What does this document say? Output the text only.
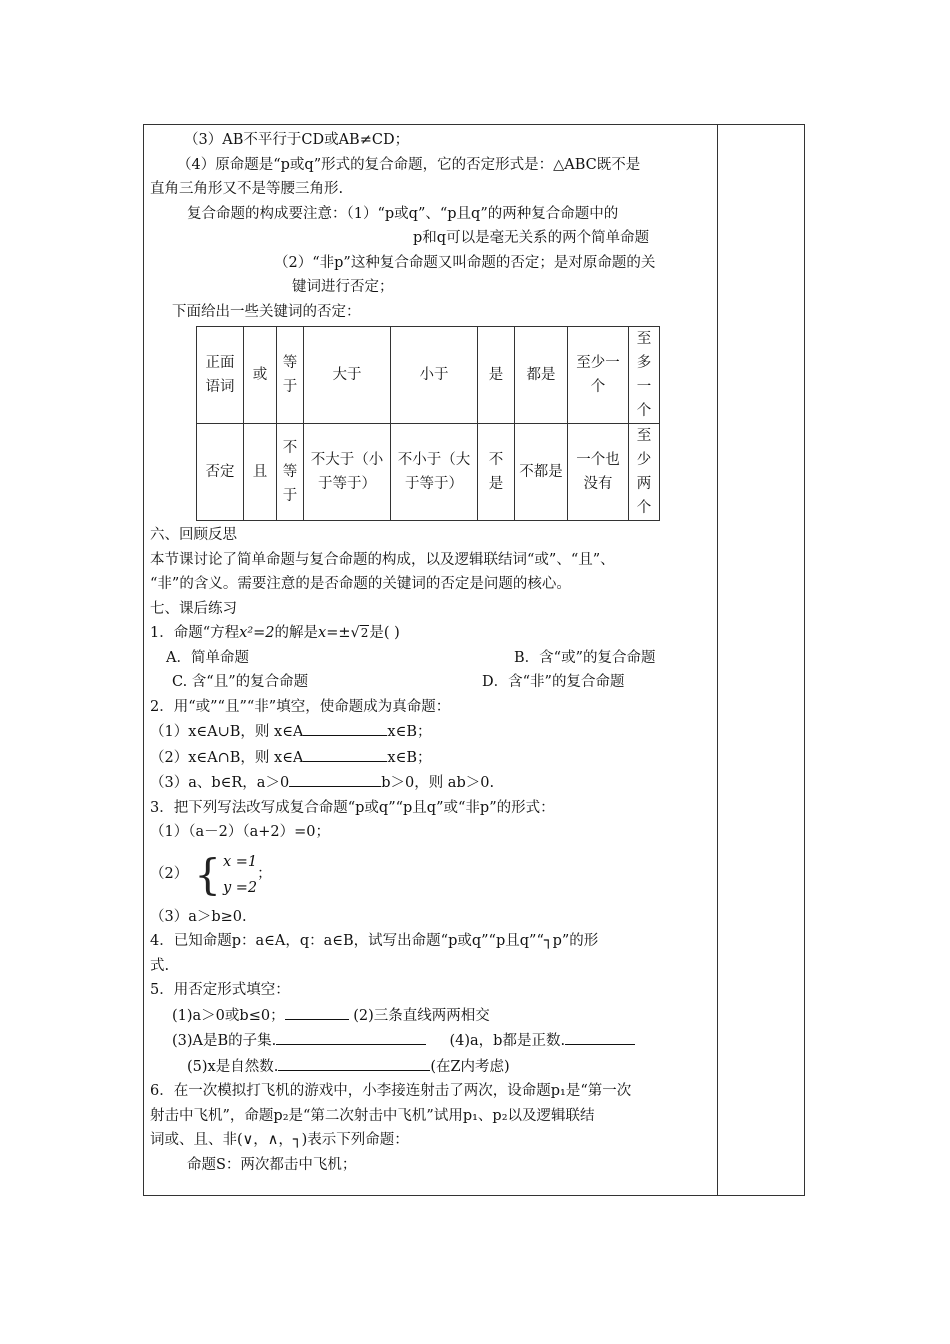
（3）AB不平行于CD或AB≠CD；
（4）原命题是“p或q”形式的复合命题，它的否定形式是：△ABC既不是
直角三角形又不是等腰三角形.
复合命题的构成要注意：（1）“p或q”、“p且q”的两种复合命题中的
p和q可以是毫无关系的两个简单命题
（2）“非p”这种复合命题又叫命题的否定；是对原命题的关
键词进行否定；
下面给出一些关键词的否定：
正面语词	或	等于	大于	小于	是	都是	至少一个	至多一个
否定	且	不等于	不大于（小于等于）	不小于（大于等于）	不是	不都是	一个也没有	至少两个
六、回顾反思
本节课讨论了简单命题与复合命题的构成，以及逻辑联结词“或”、“且”、
“非”的含义。需要注意的是否命题的关键词的否定是问题的核心。
七、课后练习
1．命题“方程x²=2的解是x=±√2是( )
A．简单命题	B．含“或”的复合命题
C. 含“且”的复合命题	D．含“非”的复合命题
2．用“或”“且”“非”填空，使命题成为真命题：
（1）x∈A∪B，则 x∈A	x∈B；
（2）x∈A∩B，则 x∈A	x∈B；
（3）a、b∈R，a＞0	b＞0，则 ab＞0.
3．把下列写法改写成复合命题“p或q”“p且q”或“非p”的形式：
（1）（a－2）（a+2）=0；
（2） { x =1
y =2
；
（3）a＞b≥0.
4．已知命题p：a∈A，q：a∈B，试写出命题“p或q”“p且q”“┐p”的形
式.
5．用否定形式填空：
(1)a＞0或b≤0；	(2)三条直线两两相交
(3)A是B的子集.	(4)a，b都是正数.
(5)x是自然数.	(在Z内考虑)
6．在一次模拟打飞机的游戏中，小李接连射击了两次，设命题p₁是“第一次
射击中飞机”，命题p₂是“第二次射击中飞机”试用p₁、p₂以及逻辑联结
词或、且、非(∨，∧，┐)表示下列命题：
命题S：两次都击中飞机；
